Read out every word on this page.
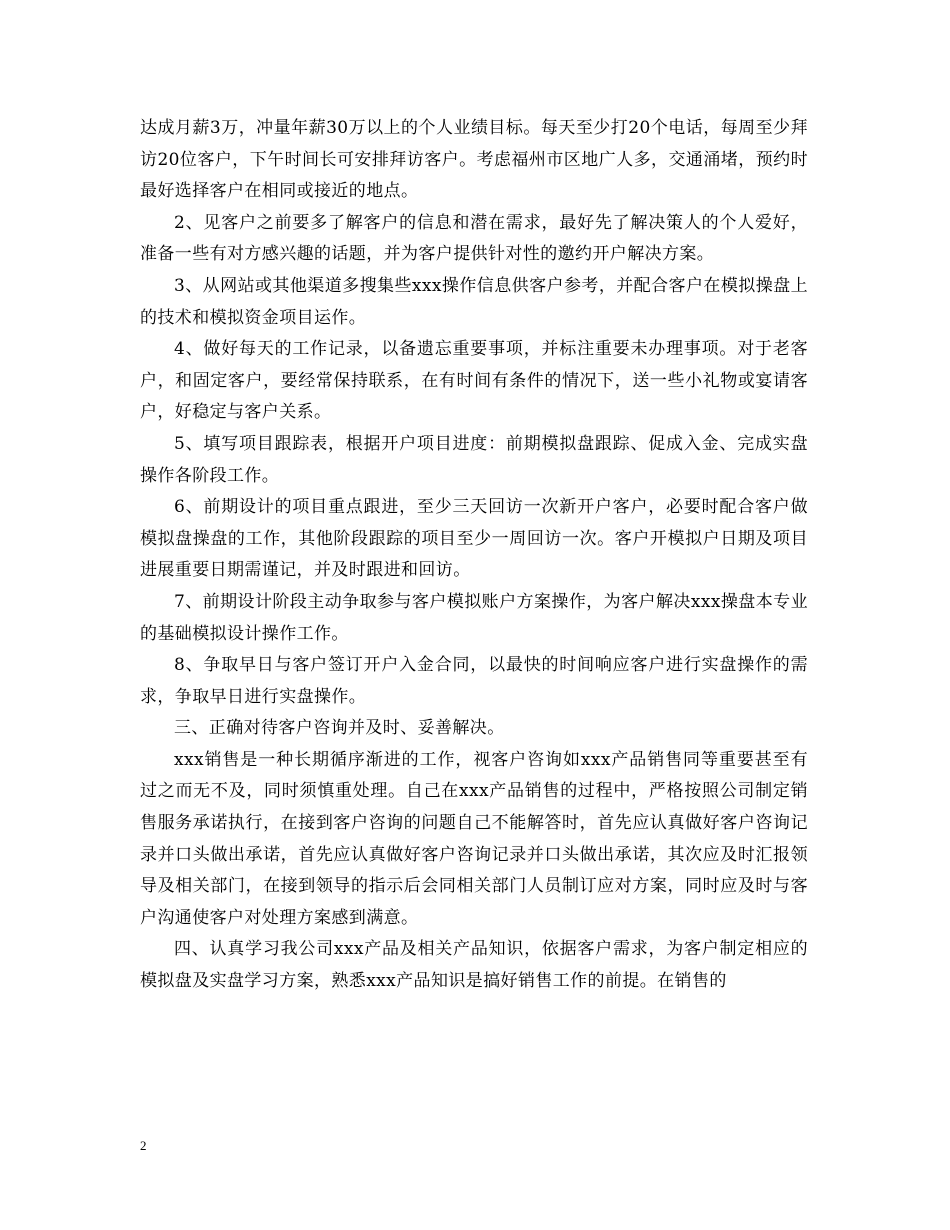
达成月薪3万，冲量年薪30万以上的个人业绩目标。每天至少打20个电话，每周至少拜访20位客户，下午时间长可安排拜访客户。考虑福州市区地广人多，交通涌堵，预约时最好选择客户在相同或接近的地点。

2、见客户之前要多了解客户的信息和潜在需求，最好先了解决策人的个人爱好，准备一些有对方感兴趣的话题，并为客户提供针对性的邀约开户解决方案。

3、从网站或其他渠道多搜集些xxx操作信息供客户参考，并配合客户在模拟操盘上的技术和模拟资金项目运作。

4、做好每天的工作记录，以备遗忘重要事项，并标注重要未办理事项。对于老客户，和固定客户，要经常保持联系，在有时间有条件的情况下，送一些小礼物或宴请客户，好稳定与客户关系。

5、填写项目跟踪表，根据开户项目进度：前期模拟盘跟踪、促成入金、完成实盘操作各阶段工作。

6、前期设计的项目重点跟进，至少三天回访一次新开户客户，必要时配合客户做模拟盘操盘的工作，其他阶段跟踪的项目至少一周回访一次。客户开模拟户日期及项目进展重要日期需谨记，并及时跟进和回访。

7、前期设计阶段主动争取参与客户模拟账户方案操作，为客户解决xxx操盘本专业的基础模拟设计操作工作。

8、争取早日与客户签订开户入金合同，以最快的时间响应客户进行实盘操作的需求，争取早日进行实盘操作。

三、正确对待客户咨询并及时、妥善解决。

xxx销售是一种长期循序渐进的工作，视客户咨询如xxx产品销售同等重要甚至有过之而无不及，同时须慎重处理。自己在xxx产品销售的过程中，严格按照公司制定销售服务承诺执行，在接到客户咨询的问题自己不能解答时，首先应认真做好客户咨询记录并口头做出承诺，首先应认真做好客户咨询记录并口头做出承诺，其次应及时汇报领导及相关部门，在接到领导的指示后会同相关部门人员制订应对方案，同时应及时与客户沟通使客户对处理方案感到满意。

四、认真学习我公司xxx产品及相关产品知识，依据客户需求，为客户制定相应的模拟盘及实盘学习方案，熟悉xxx产品知识是搞好销售工作的前提。在销售的

2
